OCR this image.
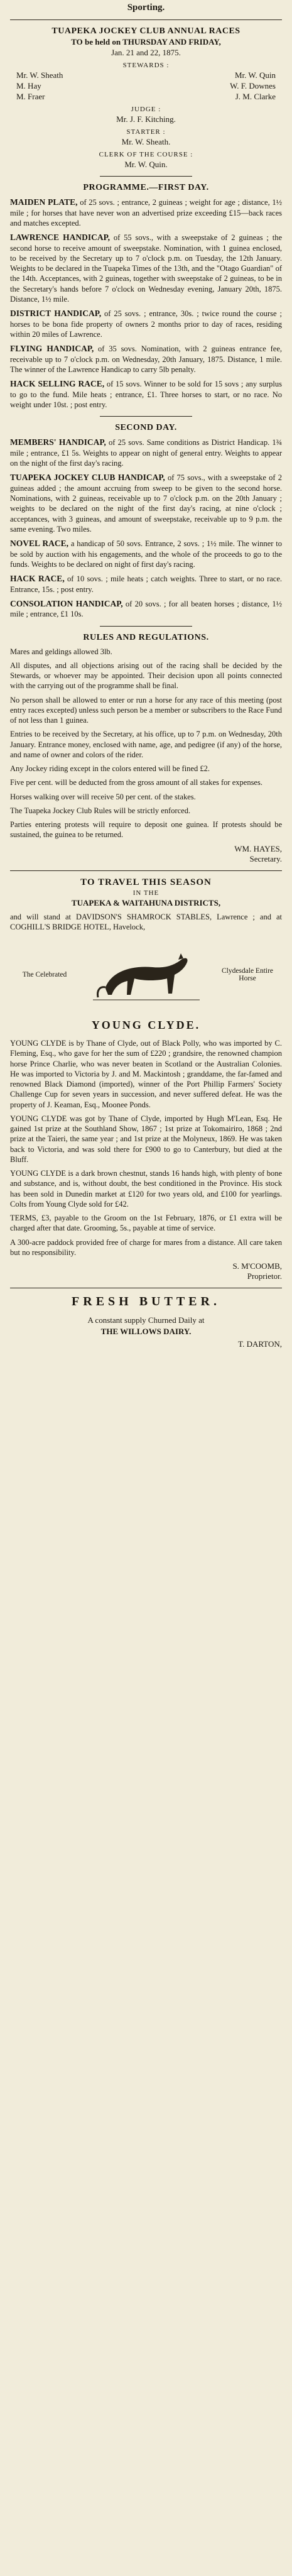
Sporting.
TUAPEKA JOCKEY CLUB ANNUAL RACES
TO be held on THURSDAY AND FRIDAY,
Jan. 21 and 22, 1875.
STEWARDS :
Mr. W. Sheath	Mr. W. Quin
M. Hay	W. F. Downes
M. Fraer	J. M. Clarke
JUDGE :
Mr. J. F. Kitching.
STARTER :
Mr. W. Sheath.
CLERK OF THE COURSE :
Mr. W. Quin.
PROGRAMME.—FIRST DAY.

MAIDEN PLATE, of 25 sovs. ; entrance, 2 guineas ; weight for age ; distance, 1½ mile ; for horses that have never won an advertised prize exceeding £15—back races and matches excepted.

LAWRENCE HANDICAP, of 55 sovs., with a sweepstake of 2 guineas ; the second horse to receive amount of sweepstake. Nomination, with 1 guinea enclosed, to be received by the Secretary up to 7 o'clock p.m. on Tuesday, the 12th January. Weights to be declared in the Tuapeka Times of the 13th, and the "Otago Guardian" of the 14th. Acceptances, with 2 guineas, together with sweepstake of 2 guineas, to be in the Secretary's hands before 7 o'clock on Wednesday evening, January 20th, 1875. Distance, 1½ mile.

DISTRICT HANDICAP, of 25 sovs. ; entrance, 30s. ; twice round the course ; horses to be bona fide property of owners 2 months prior to day of races, residing within 20 miles of Lawrence.

FLYING HANDICAP, of 35 sovs. Nomination, with 2 guineas entrance fee, receivable up to 7 o'clock p.m. on Wednesday, 20th January, 1875. Distance, 1 mile. The winner of the Lawrence Handicap to carry 5lb penalty.

HACK SELLING RACE, of 15 sovs. Winner to be sold for 15 sovs ; any surplus to go to the fund. Mile heats ; entrance, £1. Three horses to start, or no race. No weight under 10st. ; post entry.

SECOND DAY.

MEMBERS' HANDICAP, of 25 sovs. Same conditions as District Handicap. 1¾ mile ; entrance, £1 5s. Weights to appear on night of general entry. Weights to appear on the night of the first day's racing.

TUAPEKA JOCKEY CLUB HANDICAP, of 75 sovs., with a sweepstake of 2 guineas added ; the amount accruing from sweep to be given to the second horse. Nominations, with 2 guineas, receivable up to 7 o'clock p.m. on the 20th January ; weights to be declared on the night of the first day's racing, at nine o'clock ; acceptances, with 3 guineas, and amount of sweepstake, receivable up to 9 p.m. the same evening. Two miles.

NOVEL RACE, a handicap of 50 sovs. Entrance, 2 sovs. ; 1½ mile. The winner to be sold by auction with his engagements, and the whole of the proceeds to go to the funds. Weights to be declared on night of first day's racing.

HACK RACE, of 10 sovs. ; mile heats ; catch weights. Three to start, or no race. Entrance, 15s. ; post entry.

CONSOLATION HANDICAP, of 20 sovs. ; for all beaten horses ; distance, 1½ mile ; entrance, £1 10s.

RULES AND REGULATIONS.

Mares and geldings allowed 3lb.

All disputes, and all objections arising out of the racing shall be decided by the Stewards, or whoever may be appointed. Their decision upon all points connected with the carrying out of the programme shall be final.

No person shall be allowed to enter or run a horse for any race of this meeting (post entry races excepted) unless such person be a member or subscribers to the Race Fund of not less than 1 guinea.

Entries to be received by the Secretary, at his office, up to 7 p.m. on Wednesday, 20th January. Entrance money, enclosed with name, age, and pedigree (if any) of the horse, and name of owner and colors of the rider.

Any Jockey riding except in the colors entered will be fined £2.

Five per cent. will be deducted from the gross amount of all stakes for expenses.

Horses walking over will receive 50 per cent. of the stakes.

The Tuapeka Jockey Club Rules will be strictly enforced.

Parties entering protests will require to deposit one guinea. If protests should be sustained, the guinea to be returned.

WM. HAYES,
Secretary.
TO TRAVEL THIS SEASON
IN THE
TUAPEKA & WAITAHUNA DISTRICTS,
and will stand at DAVIDSON'S SHAMROCK STABLES, Lawrence ; and at COGHILL'S BRIDGE HOTEL, Havelock,
The Celebrated	Clydesdale Entire Horse
YOUNG CLYDE.

YOUNG CLYDE is by Thane of Clyde, out of Black Polly, who was imported by C. Fleming, Esq., who gave for her the sum of £220 ; grandsire, the renowned champion horse Prince Charlie, who was never beaten in Scotland or the Australian Colonies. He was imported to Victoria by J. and M. Mackintosh ; granddame, the far-famed and renowned Black Diamond (imported), winner of the Port Phillip Farmers' Society Challenge Cup for seven years in succession, and never suffered defeat. He was the property of J. Keaman, Esq., Moonee Ponds.

YOUNG CLYDE was got by Thane of Clyde, imported by Hugh M'Lean, Esq. He gained 1st prize at the Southland Show, 1867 ; 1st prize at Tokomairiro, 1868 ; 2nd prize at the Taieri, the same year ; and 1st prize at the Molyneux, 1869. He was taken back to Victoria, and was sold there for £900 to go to Canterbury, but died at the Bluff.

YOUNG CLYDE is a dark brown chestnut, stands 16 hands high, with plenty of bone and substance, and is, without doubt, the best conditioned in the Province. His stock has been sold in Dunedin market at £120 for two years old, and £100 for yearlings. Colts from Young Clyde sold for £42.

TERMS, £3, payable to the Groom on the 1st February, 1876, or £1 extra will be charged after that date. Grooming, 5s., payable at time of service.

A 300-acre paddock provided free of charge for mares from a distance. All care taken but no responsibility.

S. M'COOMB,
Proprietor.
FRESH BUTTER.
A constant supply Churned Daily at
THE WILLOWS DAIRY.
T. DARTON,
